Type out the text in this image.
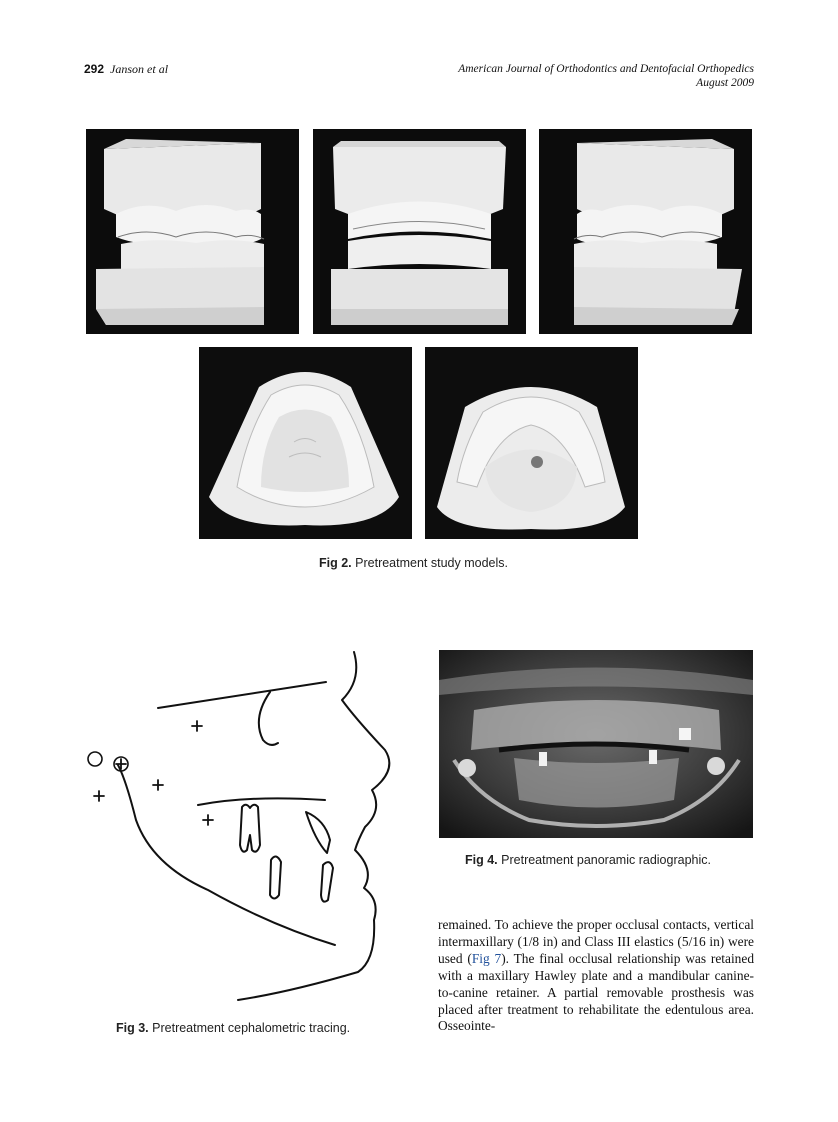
292 Janson et al	American Journal of Orthodontics and Dentofacial Orthopedics
August 2009
Fig 2. Pretreatment study models.
Fig 3. Pretreatment cephalometric tracing.
Fig 4. Pretreatment panoramic radiographic.

remained. To achieve the proper occlusal contacts, vertical intermaxillary (1/8 in) and Class III elastics (5/16 in) were used (Fig 7). The final occlusal relationship was retained with a maxillary Hawley plate and a mandibular canine-to-canine retainer. A partial removable prosthesis was placed after treatment to rehabilitate the edentulous area. Osseointe-
